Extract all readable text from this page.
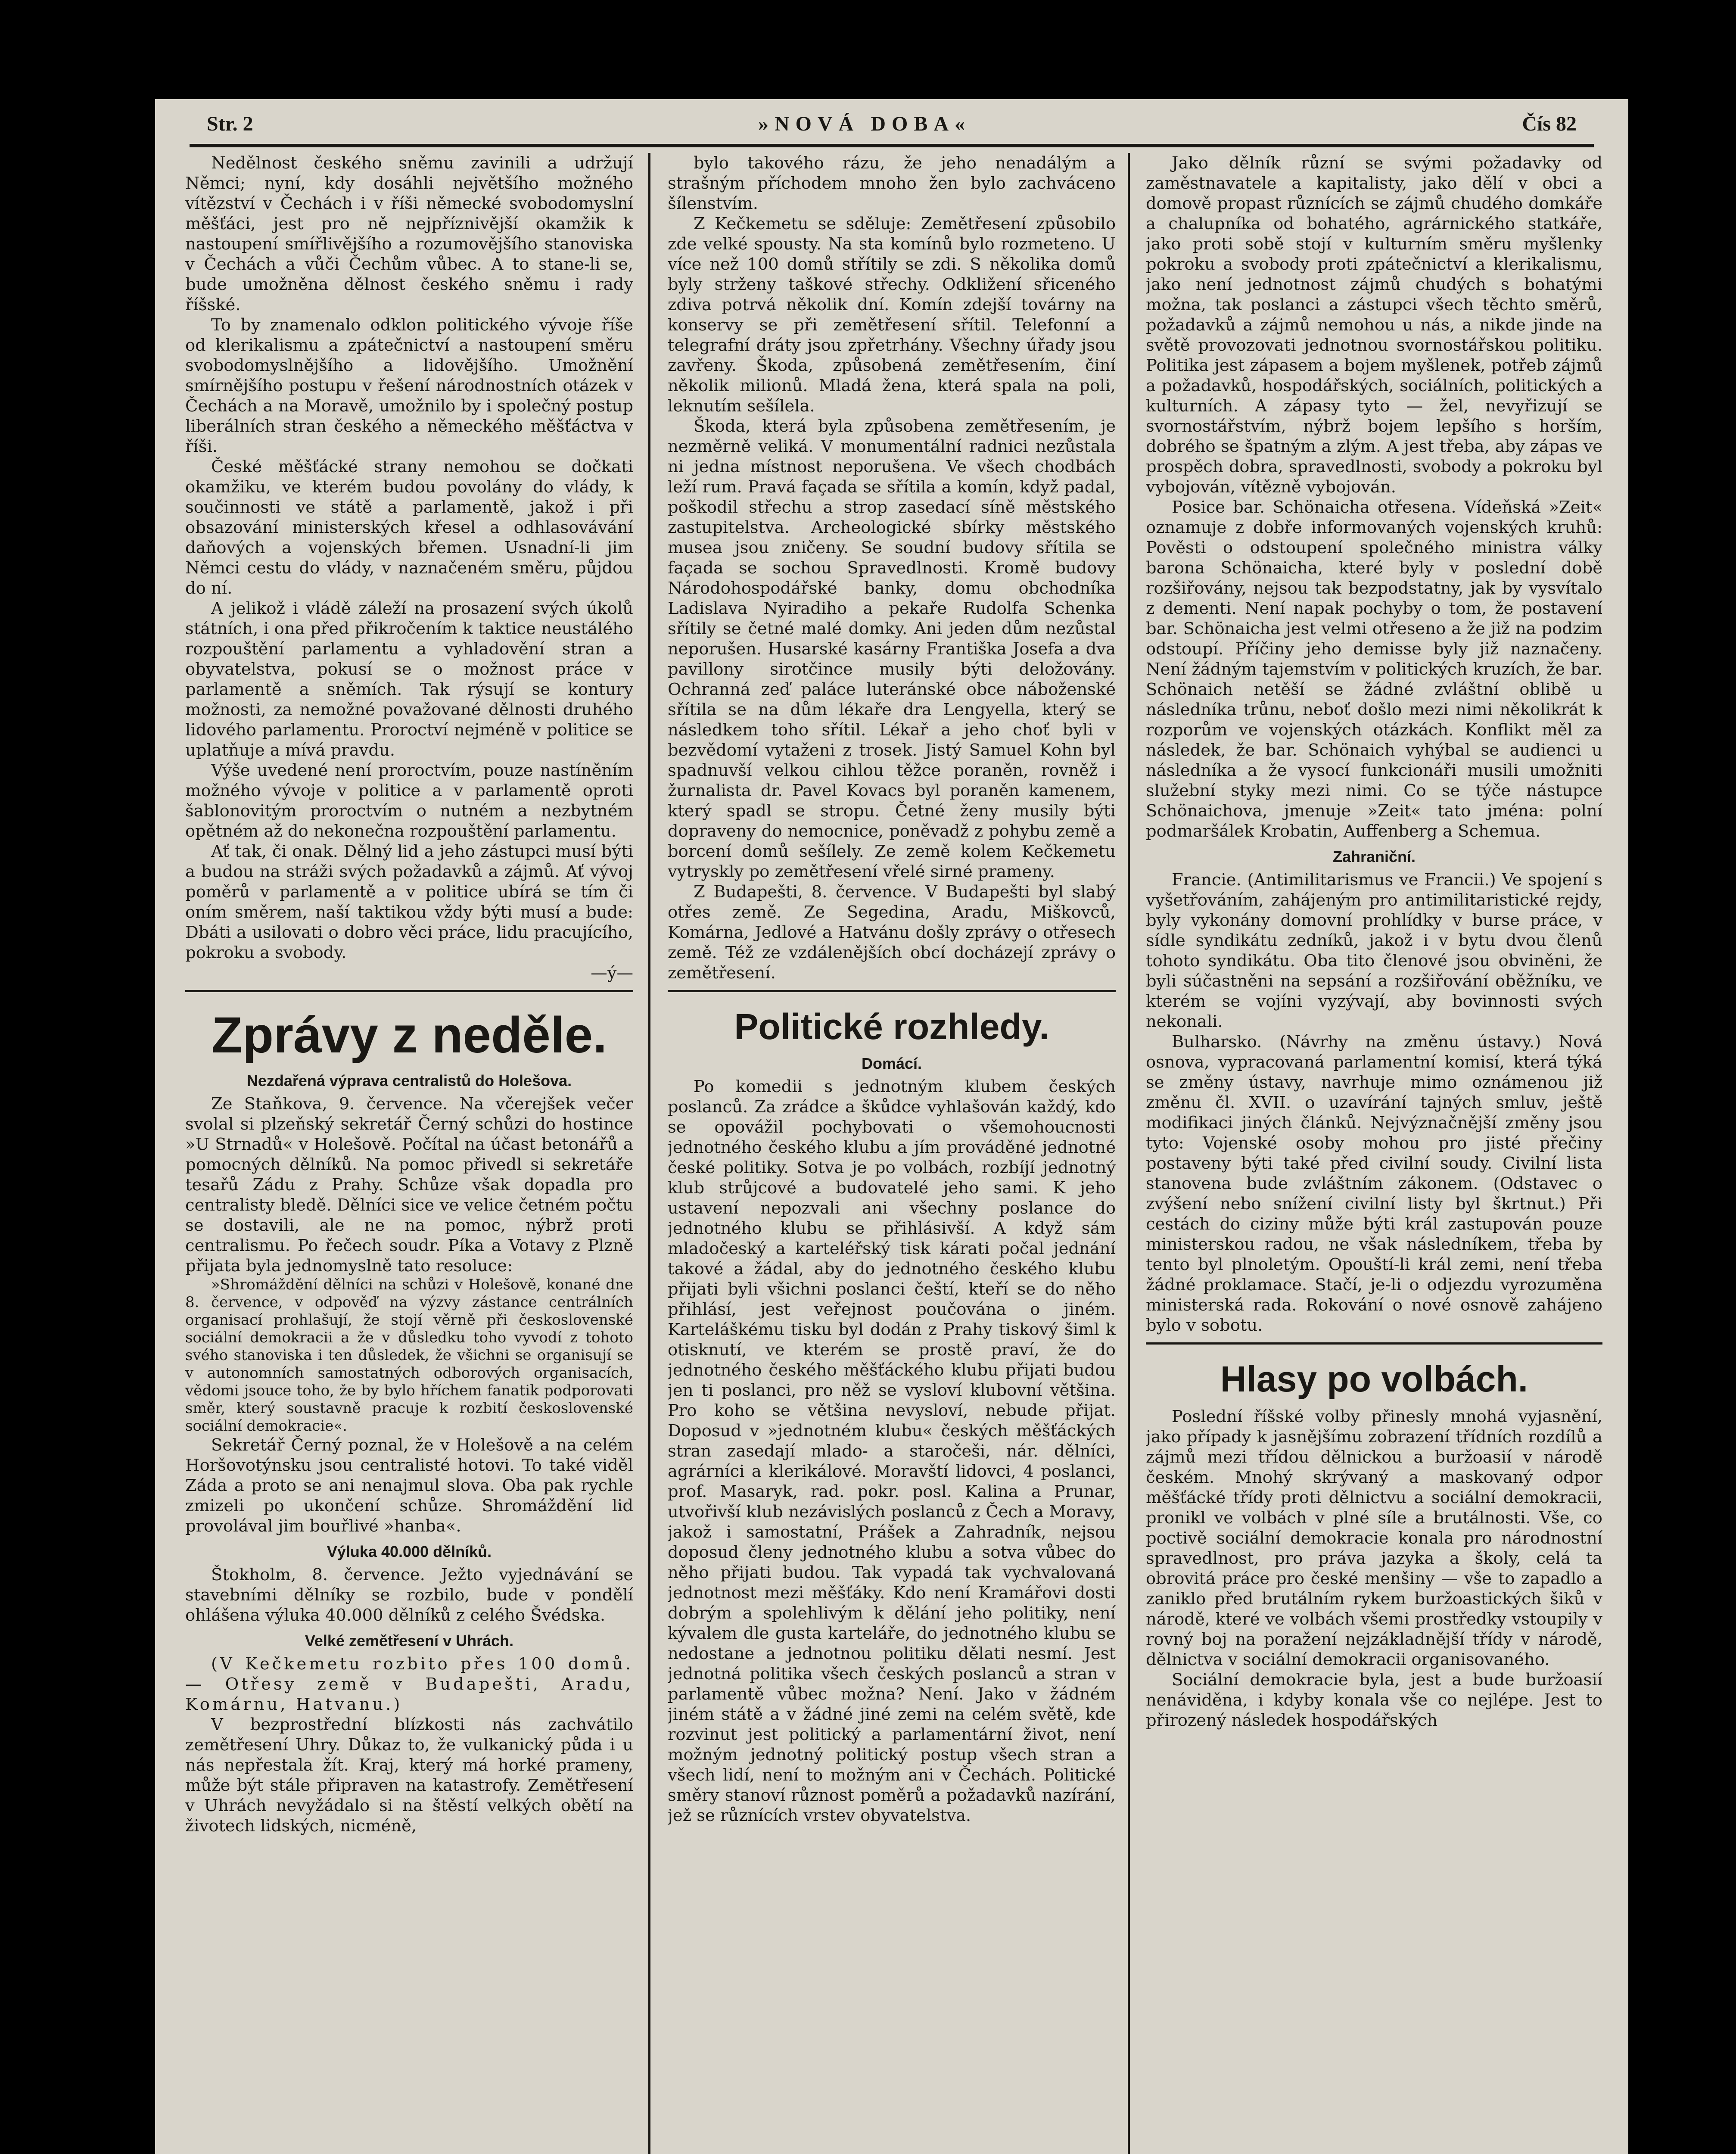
Str. 2	»NOVÁ DOBA«	Čís 82

Nedělnost českého sněmu zavinili a udržují Němci; nyní, kdy dosáhli největšího možného vítězství v Čechách i v říši německé svobodomyslní měšťáci, jest pro ně nejpříznivější okamžik k nastoupení smířlivějšího a rozumovějšího stanoviska v Čechách a vůči Čechům vůbec. A to stane-li se, bude umožněna dělnost českého sněmu i rady říšské.

To by znamenalo odklon politického vývoje říše od klerikalismu a zpátečnictví a nastoupení směru svobodomyslnějšího a lidovějšího. Umožnění smírnějšího postupu v řešení národnostních otázek v Čechách a na Moravě, umožnilo by i společný postup liberálních stran českého a německého měšťáctva v říši.

České měšťácké strany nemohou se dočkati okamžiku, ve kterém budou povolány do vlády, k součinnosti ve státě a parlamentě, jakož i při obsazování ministerských křesel a odhlasovávání daňových a vojenských břemen. Usnadní-li jim Němci cestu do vlády, v naznačeném směru, půjdou do ní.

A jelikož i vládě záleží na prosazení svých úkolů státních, i ona před přikročením k taktice neustálého rozpouštění parlamentu a vyhladovění stran a obyvatelstva, pokusí se o možnost práce v parlamentě a sněmích. Tak rýsují se kontury možnosti, za nemožné považované dělnosti druhého lidového parlamentu. Proroctví nejméně v politice se uplatňuje a mívá pravdu.

Výše uvedené není proroctvím, pouze nastíněním možného vývoje v politice a v parlamentě oproti šablonovitým proroctvím o nutném a nezbytném opětném až do nekonečna rozpouštění parlamentu.

Ať tak, či onak. Dělný lid a jeho zástupci musí býti a budou na stráži svých požadavků a zájmů. Ať vývoj poměrů v parlamentě a v politice ubírá se tím či oním směrem, naší taktikou vždy býti musí a bude: Dbáti a usilovati o dobro věci práce, lidu pracujícího, pokroku a svobody.

—ý—
Zprávy z neděle.
Nezdařená výprava centralistů do Holešova.

Ze Staňkova, 9. července. Na včerejšek večer svolal si plzeňský sekretář Černý schůzi do hostince »U Strnadů« v Holešově. Počítal na účast betonářů a pomocných dělníků. Na pomoc přivedl si sekretáře tesařů Zádu z Prahy. Schůze však dopadla pro centralisty bledě. Dělníci sice ve velice četném počtu se dostavili, ale ne na pomoc, nýbrž proti centralismu. Po řečech soudr. Píka a Votavy z Plzně přijata byla jednomyslně tato resoluce:

»Shromáždění dělníci na schůzi v Holešově, konané dne 8. července, v odpověď na výzvy zástance centrálních organisací prohlašují, že stojí věrně při československé sociální demokracii a že v důsledku toho vyvodí z tohoto svého stanoviska i ten důsledek, že všichni se organisují se v autonomních samostatných odborových organisacích, vědomi jsouce toho, že by bylo hříchem fanatik podporovati směr, který soustavně pracuje k rozbití československé sociální demokracie«.

Sekretář Černý poznal, že v Holešově a na celém Horšovotýnsku jsou centralisté hotovi. To také viděl Záda a proto se ani nenajmul slova. Oba pak rychle zmizeli po ukončení schůze. Shromáždění lid provolával jim bouřlivé »hanba«.

Výluka 40.000 dělníků.

Štokholm, 8. července. Ježto vyjednávání se stavebními dělníky se rozbilo, bude v pondělí ohlášena výluka 40.000 dělníků z celého Švédska.

Velké zemětřesení v Uhrách.

(V Kečkemetu rozbito přes 100 domů. — Otřesy země v Budapešti, Aradu, Komárnu, Hatvanu.)

V bezprostřední blízkosti nás zachvátilo zemětřesení Uhry. Důkaz to, že vulkanický půda i u nás nepřestala žít. Kraj, který má horké prameny, může být stále připraven na katastrofy. Zemětřesení v Uhrách nevyžádalo si na štěstí velkých obětí na životech lidských, nicméně,

bylo takového rázu, že jeho nenadálým a strašným příchodem mnoho žen bylo zachváceno šílenstvím.

Z Kečkemetu se sděluje: Zemětřesení způsobilo zde velké spousty. Na sta komínů bylo rozmeteno. U více než 100 domů střítily se zdi. S několika domů byly strženy taškové střechy. Odkližení sřiceného zdiva potrvá několik dní. Komín zdejší továrny na konservy se při zemětřesení sřítil. Telefonní a telegrafní dráty jsou zpřetrhány. Všechny úřady jsou zavřeny. Škoda, způsobená zemětřesením, činí několik milionů. Mladá žena, která spala na poli, leknutím sešílela.

Škoda, která byla způsobena zemětřesením, je nezměrně veliká. V monumentální radnici nezůstala ni jedna místnost neporušena. Ve všech chodbách leží rum. Pravá façada se sřítila a komín, když padal, poškodil střechu a strop zasedací síně městského zastupitelstva. Archeologické sbírky městského musea jsou zničeny. Se soudní budovy sřítila se façada se sochou Spravedlnosti. Kromě budovy Národohospodářské banky, domu obchodníka Ladislava Nyiradiho a pekaře Rudolfa Schenka sřítily se četné malé domky. Ani jeden dům nezůstal neporušen. Husarské kasárny Františka Josefa a dva pavillony sirotčince musily býti deložovány. Ochranná zeď paláce luteránské obce náboženské sřítila se na dům lékaře dra Lengyella, který se následkem toho sřítil. Lékař a jeho choť byli v bezvědomí vytaženi z trosek. Jistý Samuel Kohn byl spadnuvší velkou cihlou těžce poraněn, rovněž i žurnalista dr. Pavel Kovacs byl poraněn kamenem, který spadl se stropu. Četné ženy musily býti dopraveny do nemocnice, poněvadž z pohybu země a borcení domů sešílely. Ze země kolem Kečkemetu vytryskly po zemětřesení vřelé sirné prameny.

Z Budapešti, 8. července. V Budapešti byl slabý otřes země. Ze Segedina, Aradu, Miškovců, Komárna, Jedlové a Hatvánu došly zprávy o otřesech země. Též ze vzdálenějších obcí docházejí zprávy o zemětřesení.

Politické rozhledy.
Domácí.

Po komedii s jednotným klubem českých poslanců. Za zrádce a škůdce vyhlašován každý, kdo se opovážil pochybovati o všemohoucnosti jednotného českého klubu a jím prováděné jednotné české politiky. Sotva je po volbách, rozbíjí jednotný klub strůjcové a budovatelé jeho sami. K jeho ustavení nepozvali ani všechny poslance do jednotného klubu se přihlásivší. A když sám mladočeský a karteléřský tisk kárati počal jednání takové a žádal, aby do jednotného českého klubu přijati byli všichni poslanci čeští, kteří se do něho přihlásí, jest veřejnost poučována o jiném. Karteláškému tisku byl dodán z Prahy tiskový šiml k otisknutí, ve kterém se prostě praví, že do jednotného českého měšťáckého klubu přijati budou jen ti poslanci, pro něž se vysloví klubovní většina. Pro koho se většina nevysloví, nebude přijat. Doposud v »jednotném klubu« českých měšťáckých stran zasedají mlado- a staročeši, nár. dělníci, agrárníci a klerikálové. Moravští lidovci, 4 poslanci, prof. Masaryk, rad. pokr. posl. Kalina a Prunar, utvořivší klub nezávislých poslanců z Čech a Moravy, jakož i samostatní, Prášek a Zahradník, nejsou doposud členy jednotného klubu a sotva vůbec do něho přijati budou. Tak vypadá tak vychvalovaná jednotnost mezi měšťáky. Kdo není Kramářovi dosti dobrým a spolehlivým k dělání jeho politiky, není kývalem dle gusta karteláře, do jednotného klubu se nedostane a jednotnou politiku dělati nesmí. Jest jednotná politika všech českých poslanců a stran v parlamentě vůbec možna? Není. Jako v žádném jiném státě a v žádné jiné zemi na celém světě, kde rozvinut jest politický a parlamentární život, není možným jednotný politický postup všech stran a všech lidí, není to možným ani v Čechách. Politické směry stanoví různost poměrů a požadavků nazírání, jež se různících vrstev obyvatelstva.

Jako dělník různí se svými požadavky od zaměstnavatele a kapitalisty, jako dělí v obci a domově propast různících se zájmů chudého domkáře a chalupníka od bohatého, agrárnického statkáře, jako proti sobě stojí v kulturním směru myšlenky pokroku a svobody proti zpátečnictví a klerikalismu, jako není jednotnost zájmů chudých s bohatými možna, tak poslanci a zástupci všech těchto směrů, požadavků a zájmů nemohou u nás, a nikde jinde na světě provozovati jednotnou svornostářskou politiku. Politika jest zápasem a bojem myšlenek, potřeb zájmů a požadavků, hospodářských, sociálních, politických a kulturních. A zápasy tyto — žel, nevyřizují se svornostářstvím, nýbrž bojem lepšího s horším, dobrého se špatným a zlým. A jest třeba, aby zápas ve prospěch dobra, spravedlnosti, svobody a pokroku byl vybojován, vítězně vybojován.

Posice bar. Schönaicha otřesena. Vídeňská »Zeit« oznamuje z dobře informovaných vojenských kruhů: Pověsti o odstoupení společného ministra války barona Schönaicha, které byly v poslední době rozšiřovány, nejsou tak bezpodstatny, jak by vysvítalo z dementi. Není napak pochyby o tom, že postavení bar. Schönaicha jest velmi otřeseno a že již na podzim odstoupí. Příčiny jeho demisse byly již naznačeny. Není žádným tajemstvím v politických kruzích, že bar. Schönaich netěší se žádné zvláštní oblibě u následníka trůnu, neboť došlo mezi nimi několikrát k rozporům ve vojenských otázkách. Konflikt měl za následek, že bar. Schönaich vyhýbal se audienci u následníka a že vysocí funkcionáři musili umožniti služební styky mezi nimi. Co se týče nástupce Schönaichova, jmenuje »Zeit« tato jména: polní podmaršálek Krobatin, Auffenberg a Schemua.

Zahraniční.

Francie. (Antimilitarismus ve Francii.) Ve spojení s vyšetřováním, zahájeným pro antimilitaristické rejdy, byly vykonány domovní prohlídky v burse práce, v sídle syndikátu zedníků, jakož i v bytu dvou členů tohoto syndikátu. Oba tito členové jsou obviněni, že byli súčastněni na sepsání a rozšiřování oběžníku, ve kterém se vojíni vyzývají, aby bovinnosti svých nekonali.

Bulharsko. (Návrhy na změnu ústavy.) Nová osnova, vypracovaná parlamentní komisí, která týká se změny ústavy, navrhuje mimo oznámenou již změnu čl. XVII. o uzavírání tajných smluv, ještě modifikaci jiných článků. Nejvýznačnější změny jsou tyto: Vojenské osoby mohou pro jisté přečiny postaveny býti také před civilní soudy. Civilní lista stanovena bude zvláštním zákonem. (Odstavec o zvýšení nebo snížení civilní listy byl škrtnut.) Při cestách do ciziny může býti král zastupován pouze ministerskou radou, ne však následníkem, třeba by tento byl plnoletým. Opouští-li král zemi, není třeba žádné proklamace. Stačí, je-li o odjezdu vyrozuměna ministerská rada. Rokování o nové osnově zahájeno bylo v sobotu.

Hlasy po volbách.

Poslední říšské volby přinesly mnohá vyjasnění, jako případy k jasnějšímu zobrazení třídních rozdílů a zájmů mezi třídou dělnickou a buržoasií v národě českém. Mnohý skrývaný a maskovaný odpor měšťácké třídy proti dělnictvu a sociální demokracii, pronikl ve volbách v plné síle a brutálnosti. Vše, co poctivě sociální demokracie konala pro národnostní spravedlnost, pro práva jazyka a školy, celá ta obrovitá práce pro české menšiny — vše to zapadlo a zaniklo před brutálním rykem buržoastických šiků v národě, které ve volbách všemi prostředky vstoupily v rovný boj na poražení nejzákladnější třídy v národě, dělnictva v sociální demokracii organisovaného.

Sociální demokracie byla, jest a bude buržoasií nenáviděna, i kdyby konala vše co nejlépe. Jest to přirozený následek hospodářských
